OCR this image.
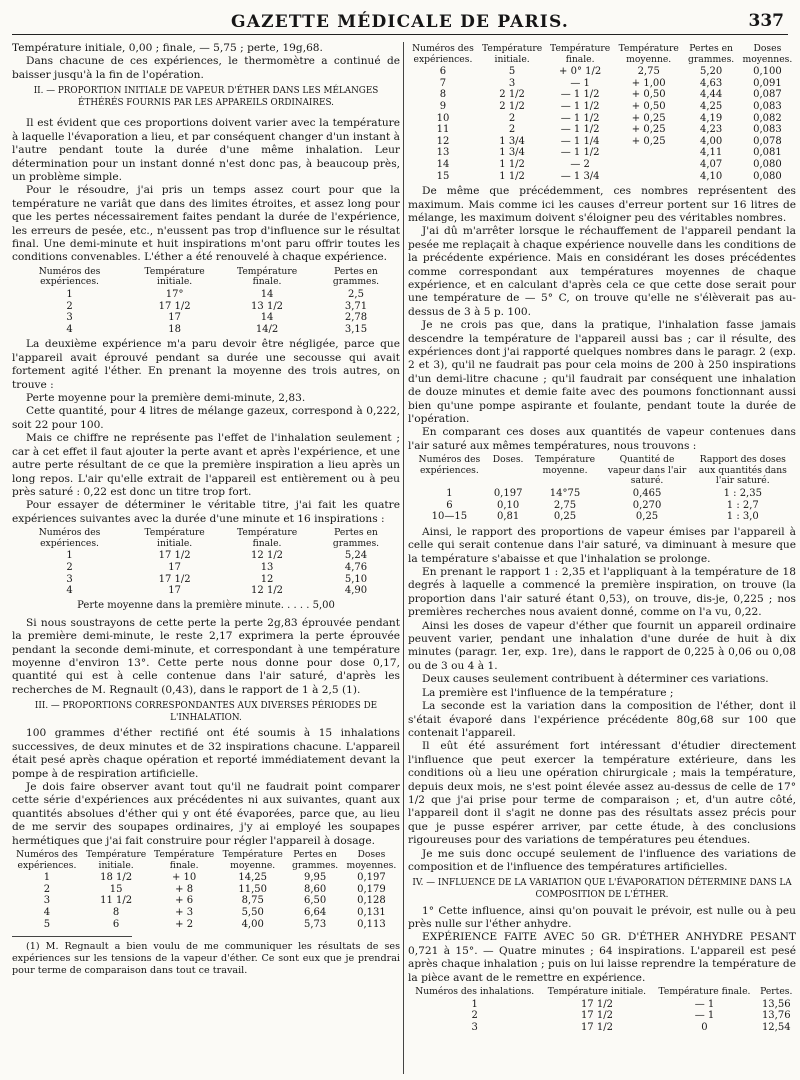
GAZETTE MÉDICALE DE PARIS.	337

Température initiale, 0,00 ; finale, — 5,75 ; perte, 19g,68.

Dans chacune de ces expériences, le thermomètre a continué de baisser jusqu'à la fin de l'opération.

II. — PROPORTION INITIALE DE VAPEUR D'ÉTHER DANS LES MÉLANGES ÉTHÉRÉS FOURNIS PAR LES APPAREILS ORDINAIRES.

Il est évident que ces proportions doivent varier avec la température à laquelle l'évaporation a lieu, et par conséquent changer d'un instant à l'autre pendant toute la durée d'une même inhalation. Leur détermination pour un instant donné n'est donc pas, à beaucoup près, un problème simple.

Pour le résoudre, j'ai pris un temps assez court pour que la température ne variât que dans des limites étroites, et assez long pour que les pertes nécessairement faites pendant la durée de l'expérience, les erreurs de pesée, etc., n'eussent pas trop d'influence sur le résultat final. Une demi-minute et huit inspirations m'ont paru offrir toutes les conditions convenables. L'éther a été renouvelé à chaque expérience.

Numéros des expériences.	Température initiale.	Température finale.	Pertes en grammes.
1	17°	14	2,5
2	17 1/2	13 1/2	3,71
3	17	14	2,78
4	18	14/2	3,15

La deuxième expérience m'a paru devoir être négligée, parce que l'appareil avait éprouvé pendant sa durée une secousse qui avait fortement agité l'éther. En prenant la moyenne des trois autres, on trouve :

Perte moyenne pour la première demi-minute, 2,83.

Cette quantité, pour 4 litres de mélange gazeux, correspond à 0,222, soit 22 pour 100.

Mais ce chiffre ne représente pas l'effet de l'inhalation seulement ; car à cet effet il faut ajouter la perte avant et après l'expérience, et une autre perte résultant de ce que la première inspiration a lieu après un long repos. L'air qu'elle extrait de l'appareil est entièrement ou à peu près saturé : 0,22 est donc un titre trop fort.

Pour essayer de déterminer le véritable titre, j'ai fait les quatre expériences suivantes avec la durée d'une minute et 16 inspirations :

Numéros des expériences.	Température initiale.	Température finale.	Pertes en grammes.
1	17 1/2	12 1/2	5,24
2	17	13	4,76
3	17 1/2	12	5,10
4	17	12 1/2	4,90
Perte moyenne dans la première minute. . . . . 5,00

Si nous soustrayons de cette perte la perte 2g,83 éprouvée pendant la première demi-minute, le reste 2,17 exprimera la perte éprouvée pendant la seconde demi-minute, et correspondant à une température moyenne d'environ 13°. Cette perte nous donne pour dose 0,17, quantité qui est à celle contenue dans l'air saturé, d'après les recherches de M. Regnault (0,43), dans le rapport de 1 à 2,5 (1).

III. — PROPORTIONS CORRESPONDANTES AUX DIVERSES PÉRIODES DE L'INHALATION.

100 grammes d'éther rectifié ont été soumis à 15 inhalations successives, de deux minutes et de 32 inspirations chacune. L'appareil était pesé après chaque opération et reporté immédiatement devant la pompe à de respiration artificielle.

Je dois faire observer avant tout qu'il ne faudrait point comparer cette série d'expériences aux précédentes ni aux suivantes, quant aux quantités absolues d'éther qui y ont été évaporées, parce que, au lieu de me servir des soupapes ordinaires, j'y ai employé les soupapes hermétiques que j'ai fait construire pour régler l'appareil à dosage.

Numéros des expériences.	Température initiale.	Température finale.	Température moyenne.	Pertes en grammes.	Doses moyennes.
1	18 1/2	+ 10	14,25	9,95	0,197
2	15	+ 8	11,50	8,60	0,179
3	11 1/2	+ 6	8,75	6,50	0,128
4	8	+ 3	5,50	6,64	0,131
5	6	+ 2	4,00	5,73	0,113

(1) M. Regnault a bien voulu de me communiquer les résultats de ses expériences sur les tensions de la vapeur d'éther. Ce sont eux que je prendrai pour terme de comparaison dans tout ce travail.

Numéros des expériences.	Température initiale.	Température finale.	Température moyenne.	Pertes en grammes.	Doses moyennes.
6	5	+ 0° 1/2	2,75	5,20	0,100
7	3	— 1	+ 1,00	4,63	0,091
8	2 1/2	— 1 1/2	+ 0,50	4,44	0,087
9	2 1/2	— 1 1/2	+ 0,50	4,25	0,083
10	2	— 1 1/2	+ 0,25	4,19	0,082
11	2	— 1 1/2	+ 0,25	4,23	0,083
12	1 3/4	— 1 1/4	+ 0,25	4,00	0,078
13	1 3/4	— 1 1/2		4,11	0,081
14	1 1/2	— 2		4,07	0,080
15	1 1/2	— 1 3/4		4,10	0,080

De même que précédemment, ces nombres représentent des maximum. Mais comme ici les causes d'erreur portent sur 16 litres de mélange, les maximum doivent s'éloigner peu des véritables nombres.

J'ai dû m'arrêter lorsque le réchauffement de l'appareil pendant la pesée me replaçait à chaque expérience nouvelle dans les conditions de la précédente expérience. Mais en considérant les doses précédentes comme correspondant aux températures moyennes de chaque expérience, et en calculant d'après cela ce que cette dose serait pour une température de — 5° C, on trouve qu'elle ne s'élèverait pas au-dessus de 3 à 5 p. 100.

Je ne crois pas que, dans la pratique, l'inhalation fasse jamais descendre la température de l'appareil aussi bas ; car il résulte, des expériences dont j'ai rapporté quelques nombres dans le paragr. 2 (exp. 2 et 3), qu'il ne faudrait pas pour cela moins de 200 à 250 inspirations d'un demi-litre chacune ; qu'il faudrait par conséquent une inhalation de douze minutes et demie faite avec des poumons fonctionnant aussi bien qu'une pompe aspirante et foulante, pendant toute la durée de l'opération.

En comparant ces doses aux quantités de vapeur contenues dans l'air saturé aux mêmes températures, nous trouvons :

Numéros des expériences.	Doses.	Température moyenne.	Quantité de vapeur dans l'air saturé.	Rapport des doses aux quantités dans l'air saturé.
1	0,197	14°75	0,465	1 : 2,35
6	0,10	2,75	0,270	1 : 2,7
10—15	0,81	0,25	0,25	1 : 3,0

Ainsi, le rapport des proportions de vapeur émises par l'appareil à celle qui serait contenue dans l'air saturé, va diminuant à mesure que la température s'abaisse et que l'inhalation se prolonge.

En prenant le rapport 1 : 2,35 et l'appliquant à la température de 18 degrés à laquelle a commencé la première inspiration, on trouve (la proportion dans l'air saturé étant 0,53), on trouve, dis-je, 0,225 ; nos premières recherches nous avaient donné, comme on l'a vu, 0,22.

Ainsi les doses de vapeur d'éther que fournit un appareil ordinaire peuvent varier, pendant une inhalation d'une durée de huit à dix minutes (paragr. 1er, exp. 1re), dans le rapport de 0,225 à 0,06 ou 0,08 ou de 3 ou 4 à 1.

Deux causes seulement contribuent à déterminer ces variations.

La première est l'influence de la température ;

La seconde est la variation dans la composition de l'éther, dont il s'était évaporé dans l'expérience précédente 80g,68 sur 100 que contenait l'appareil.

Il eût été assurément fort intéressant d'étudier directement l'influence que peut exercer la température extérieure, dans les conditions où a lieu une opération chirurgicale ; mais la température, depuis deux mois, ne s'est point élevée assez au-dessus de celle de 17° 1/2 que j'ai prise pour terme de comparaison ; et, d'un autre côté, l'appareil dont il s'agit ne donne pas des résultats assez précis pour que je pusse espérer arriver, par cette étude, à des conclusions rigoureuses pour des variations de températures peu étendues.

Je me suis donc occupé seulement de l'influence des variations de composition et de l'influence des températures artificielles.

IV. — INFLUENCE DE LA VARIATION QUE L'ÉVAPORATION DÉTERMINE DANS LA COMPOSITION DE L'ÉTHER.

1° Cette influence, ainsi qu'on pouvait le prévoir, est nulle ou à peu près nulle sur l'éther anhydre.

EXPÉRIENCE FAITE AVEC 50 GR. D'ÉTHER ANHYDRE PESANT 0,721 à 15°. — Quatre minutes ; 64 inspirations. L'appareil est pesé après chaque inhalation ; puis on lui laisse reprendre la température de la pièce avant de le remettre en expérience.

Numéros des inhalations.	Température initiale.	Température finale.	Pertes.
1	17 1/2	— 1	13,56
2	17 1/2	— 1	13,76
3	17 1/2	0	12,54
